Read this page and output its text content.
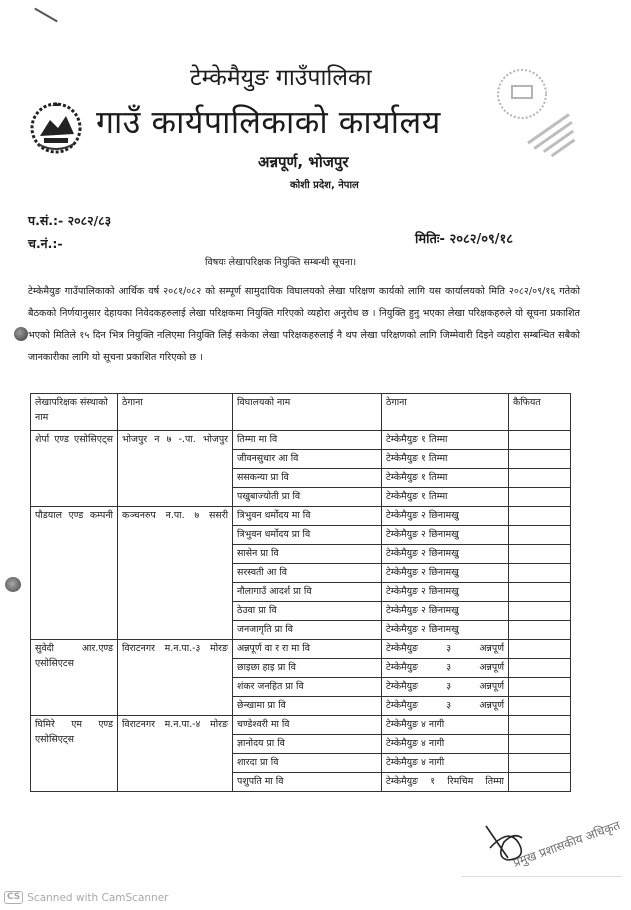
टेम्केमैयुङ गाउँपालिका
गाउँ कार्यपालिकाको कार्यालय
अन्नपूर्ण, भोजपुर
कोशी प्रदेश, नेपाल
प.सं.:- २०८२/८३
च.नं.:-	मितिः- २०८२/०९/१८
विषयः लेखापरिक्षक नियुक्ति सम्बन्धी सूचना।
टेम्केमैयुङ गाउँपालिकाको आर्थिक वर्ष २०८१/०८२ को सम्पूर्ण सामुदायिक विघालयको लेखा परिक्षण कार्यको लागि यस कार्यालयको मिति २०८२/०९/१६ गतेको बैठकको निर्णयानुसार देहायका निवेदकहरुलाई लेखा परिक्षकमा नियुक्ति गरिएको व्यहोरा अनुरोध छ । नियुक्ति हुनु भएका लेखा परिक्षकहरुले यो सूचना प्रकाशित भएको मितिले १५ दिन भित्र नियुक्ति नलिएमा नियुक्ति लिई सकेका लेखा परिक्षकहरुलाई नै थप लेखा परिक्षणको लागि जिम्मेवारी दिइने व्यहोरा सम्बन्धित सबैको जानकारीका लागि यो सूचना प्रकाशित गरिएको छ ।
लेखापरिक्षक संस्थाको नाम	ठेगाना	विघालयको नाम	ठेगाना	कैफियत
शेर्पा एण्ड एसोसिएट्स	भोजपुर न ७ -.पा. भोजपुर	तिम्मा मा वि	टेम्केमैयुङ १ तिम्मा	
		जीवनसुधार आ वि	टेम्केमैयुङ १ तिम्मा	
		ससकन्या प्रा वि	टेम्केमैयुङ १ तिम्मा	
		पखुबाज्योती प्रा वि	टेम्केमैयुङ १ तिम्मा	
पौडयाल एण्ड कम्पनी	कञ्चनरुप न.पा. ७ ससरी	त्रिभुवन धर्मोदय मा वि	टेम्केमैयुङ २ छिनामखु	
		त्रिभुवन धर्मोदय प्रा वि	टेम्केमैयुङ २ छिनामखु	
		सासेन प्रा वि	टेम्केमैयुङ २ छिनामखु	
		सरस्वती आ वि	टेम्केमैयुङ २ छिनामखु	
		नौलागाउँ आदर्श प्रा वि	टेम्केमैयुङ २ छिनामखु	
		ठेउवा प्रा वि	टेम्केमैयुङ २ छिनामखु	
		जनजागृति प्रा वि	टेम्केमैयुङ २ छिनामखु	
सुवेदी आर.एण्ड एसोसिएटस	विराटनगर म.न.पा.-३ मोरङ	अन्नपूर्ण वा र रा मा वि	टेम्केमैयुङ ३ अन्नपूर्ण	
		छाइछा हाइ प्रा वि	टेम्केमैयुङ ३ अन्नपूर्ण	
		शंकर जनहित प्रा वि	टेम्केमैयुङ ३ अन्नपूर्ण	
		छेन्खामा प्रा वि	टेम्केमैयुङ ३ अन्नपूर्ण	
घिमिरे एम एण्ड एसोसिएट्स	विराटनगर म.न.पा.-४ मोरङ	चण्डेश्वरी मा वि	टेम्केमैयुङ ४ नागी	
		ज्ञानोदय प्रा वि	टेम्केमैयुङ ४ नागी	
		शारदा प्रा वि	टेम्केमैयुङ ४ नागी	
		पशुपति मा वि	टेम्केमैयुङ १ रिमचिम तिम्मा	
प्रमुख प्रशासकीय अधिकृत
CS Scanned with CamScanner
